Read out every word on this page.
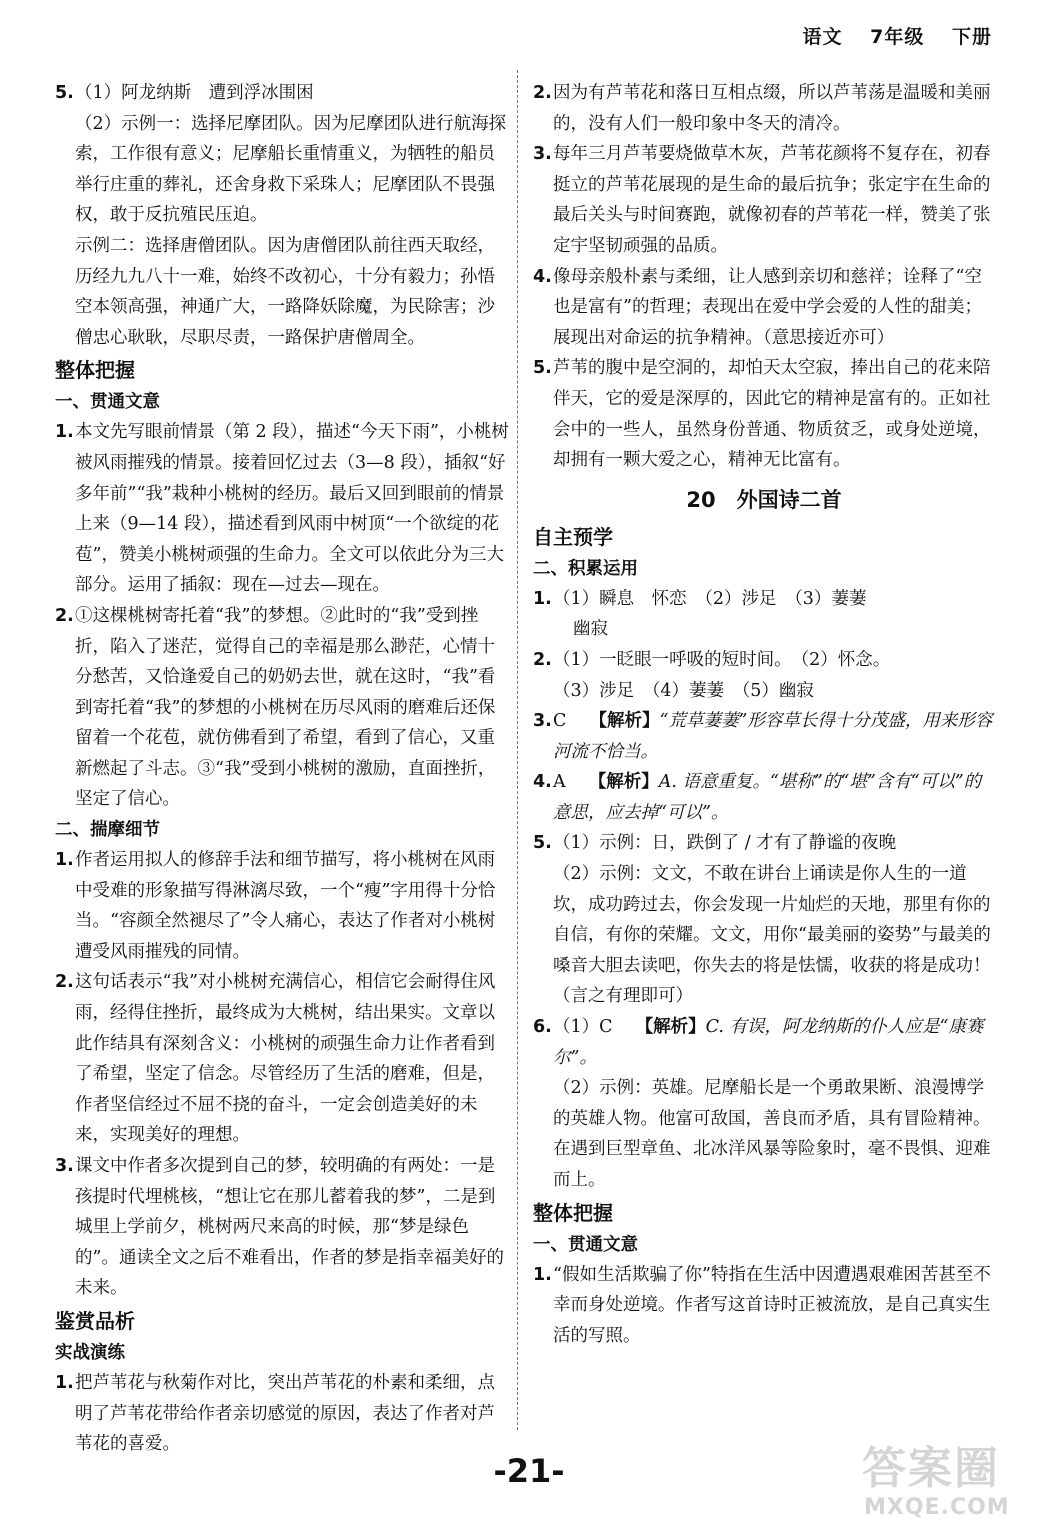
语文　 7年级　 下册
5. （1）阿龙纳斯　遭到浮冰围困
（2）示例一：选择尼摩团队。因为尼摩团队进行航海探索，工作很有意义；尼摩船长重情重义，为牺牲的船员举行庄重的葬礼，还舍身救下采珠人；尼摩团队不畏强权，敢于反抗殖民压迫。
示例二：选择唐僧团队。因为唐僧团队前往西天取经，历经九九八十一难，始终不改初心，十分有毅力；孙悟空本领高强，神通广大，一路降妖除魔，为民除害；沙僧忠心耿耿，尽职尽责，一路保护唐僧周全。
整体把握
一、贯通文意
1. 本文先写眼前情景（第 2 段），描述“今天下雨”，小桃树被风雨摧残的情景。接着回忆过去（3—8 段），插叙“好多年前”“我”栽种小桃树的经历。最后又回到眼前的情景上来（9—14 段），描述看到风雨中树顶“一个欲绽的花苞”，赞美小桃树顽强的生命力。全文可以依此分为三大部分。运用了插叙：现在—过去—现在。
2. ①这棵桃树寄托着“我”的梦想。②此时的“我”受到挫折，陷入了迷茫，觉得自己的幸福是那么渺茫，心情十分愁苦，又恰逢爱自己的奶奶去世，就在这时，“我”看到寄托着“我”的梦想的小桃树在历尽风雨的磨难后还保留着一个花苞，就仿佛看到了希望，看到了信心，又重新燃起了斗志。③“我”受到小桃树的激励，直面挫折，坚定了信心。
二、揣摩细节
1. 作者运用拟人的修辞手法和细节描写，将小桃树在风雨中受难的形象描写得淋漓尽致，一个“瘦”字用得十分恰当。“容颜全然褪尽了”令人痛心，表达了作者对小桃树遭受风雨摧残的同情。
2. 这句话表示“我”对小桃树充满信心，相信它会耐得住风雨，经得住挫折，最终成为大桃树，结出果实。文章以此作结具有深刻含义：小桃树的顽强生命力让作者看到了希望，坚定了信念。尽管经历了生活的磨难，但是，作者坚信经过不屈不挠的奋斗，一定会创造美好的未来，实现美好的理想。
3. 课文中作者多次提到自己的梦，较明确的有两处：一是孩提时代埋桃核，“想让它在那儿蓄着我的梦”，二是到城里上学前夕，桃树两尺来高的时候，那“梦是绿色的”。通读全文之后不难看出，作者的梦是指幸福美好的未来。
鉴赏品析
实战演练
1. 把芦苇花与秋菊作对比，突出芦苇花的朴素和柔细，点明了芦苇花带给作者亲切感觉的原因，表达了作者对芦苇花的喜爱。
2. 因为有芦苇花和落日互相点缀，所以芦苇荡是温暖和美丽的，没有人们一般印象中冬天的清冷。
3. 每年三月芦苇要烧做草木灰，芦苇花颜将不复存在，初春挺立的芦苇花展现的是生命的最后抗争；张定宇在生命的最后关头与时间赛跑，就像初春的芦苇花一样，赞美了张定宇坚韧顽强的品质。
4. 像母亲般朴素与柔细，让人感到亲切和慈祥；诠释了“空也是富有”的哲理；表现出在爱中学会爱的人性的甜美；展现出对命运的抗争精神。（意思接近亦可）
5. 芦苇的腹中是空洞的，却怕天太空寂，捧出自己的花来陪伴天，它的爱是深厚的，因此它的精神是富有的。正如社会中的一些人，虽然身份普通、物质贫乏，或身处逆境，却拥有一颗大爱之心，精神无比富有。
20　外国诗二首
自主预学
二、积累运用
1. （1）瞬息　怀恋　（2）涉足　（3）萋萋
幽寂
2. （1）一眨眼一呼吸的短时间。　（2）怀念。
（3）涉足　（4）萋萋　（5）幽寂
3. C　 【解析】“荒草萋萋”形容草长得十分茂盛，用来形容河流不恰当。
4. A　 【解析】A. 语意重复。“堪称”的“堪”含有“可以”的意思，应去掉“可以”。
5. （1）示例：日，跌倒了 / 才有了静谧的夜晚
（2）示例：文文，不敢在讲台上诵读是你人生的一道坎，成功跨过去，你会发现一片灿烂的天地，那里有你的自信，有你的荣耀。文文，用你“最美丽的姿势”与最美的嗓音大胆去读吧，你失去的将是怯懦，收获的将是成功！（言之有理即可）
6. （1）C　 【解析】C. 有误，阿龙纳斯的仆人应是“康赛尔”。
（2）示例：英雄。尼摩船长是一个勇敢果断、浪漫博学的英雄人物。他富可敌国，善良而矛盾，具有冒险精神。在遇到巨型章鱼、北冰洋风暴等险象时，毫不畏惧、迎难而上。
整体把握
一、贯通文意
1. “假如生活欺骗了你”特指在生活中因遭遇艰难困苦甚至不幸而身处逆境。作者写这首诗时正被流放，是自己真实生活的写照。
-21-	答案圈
MXQE.COM
